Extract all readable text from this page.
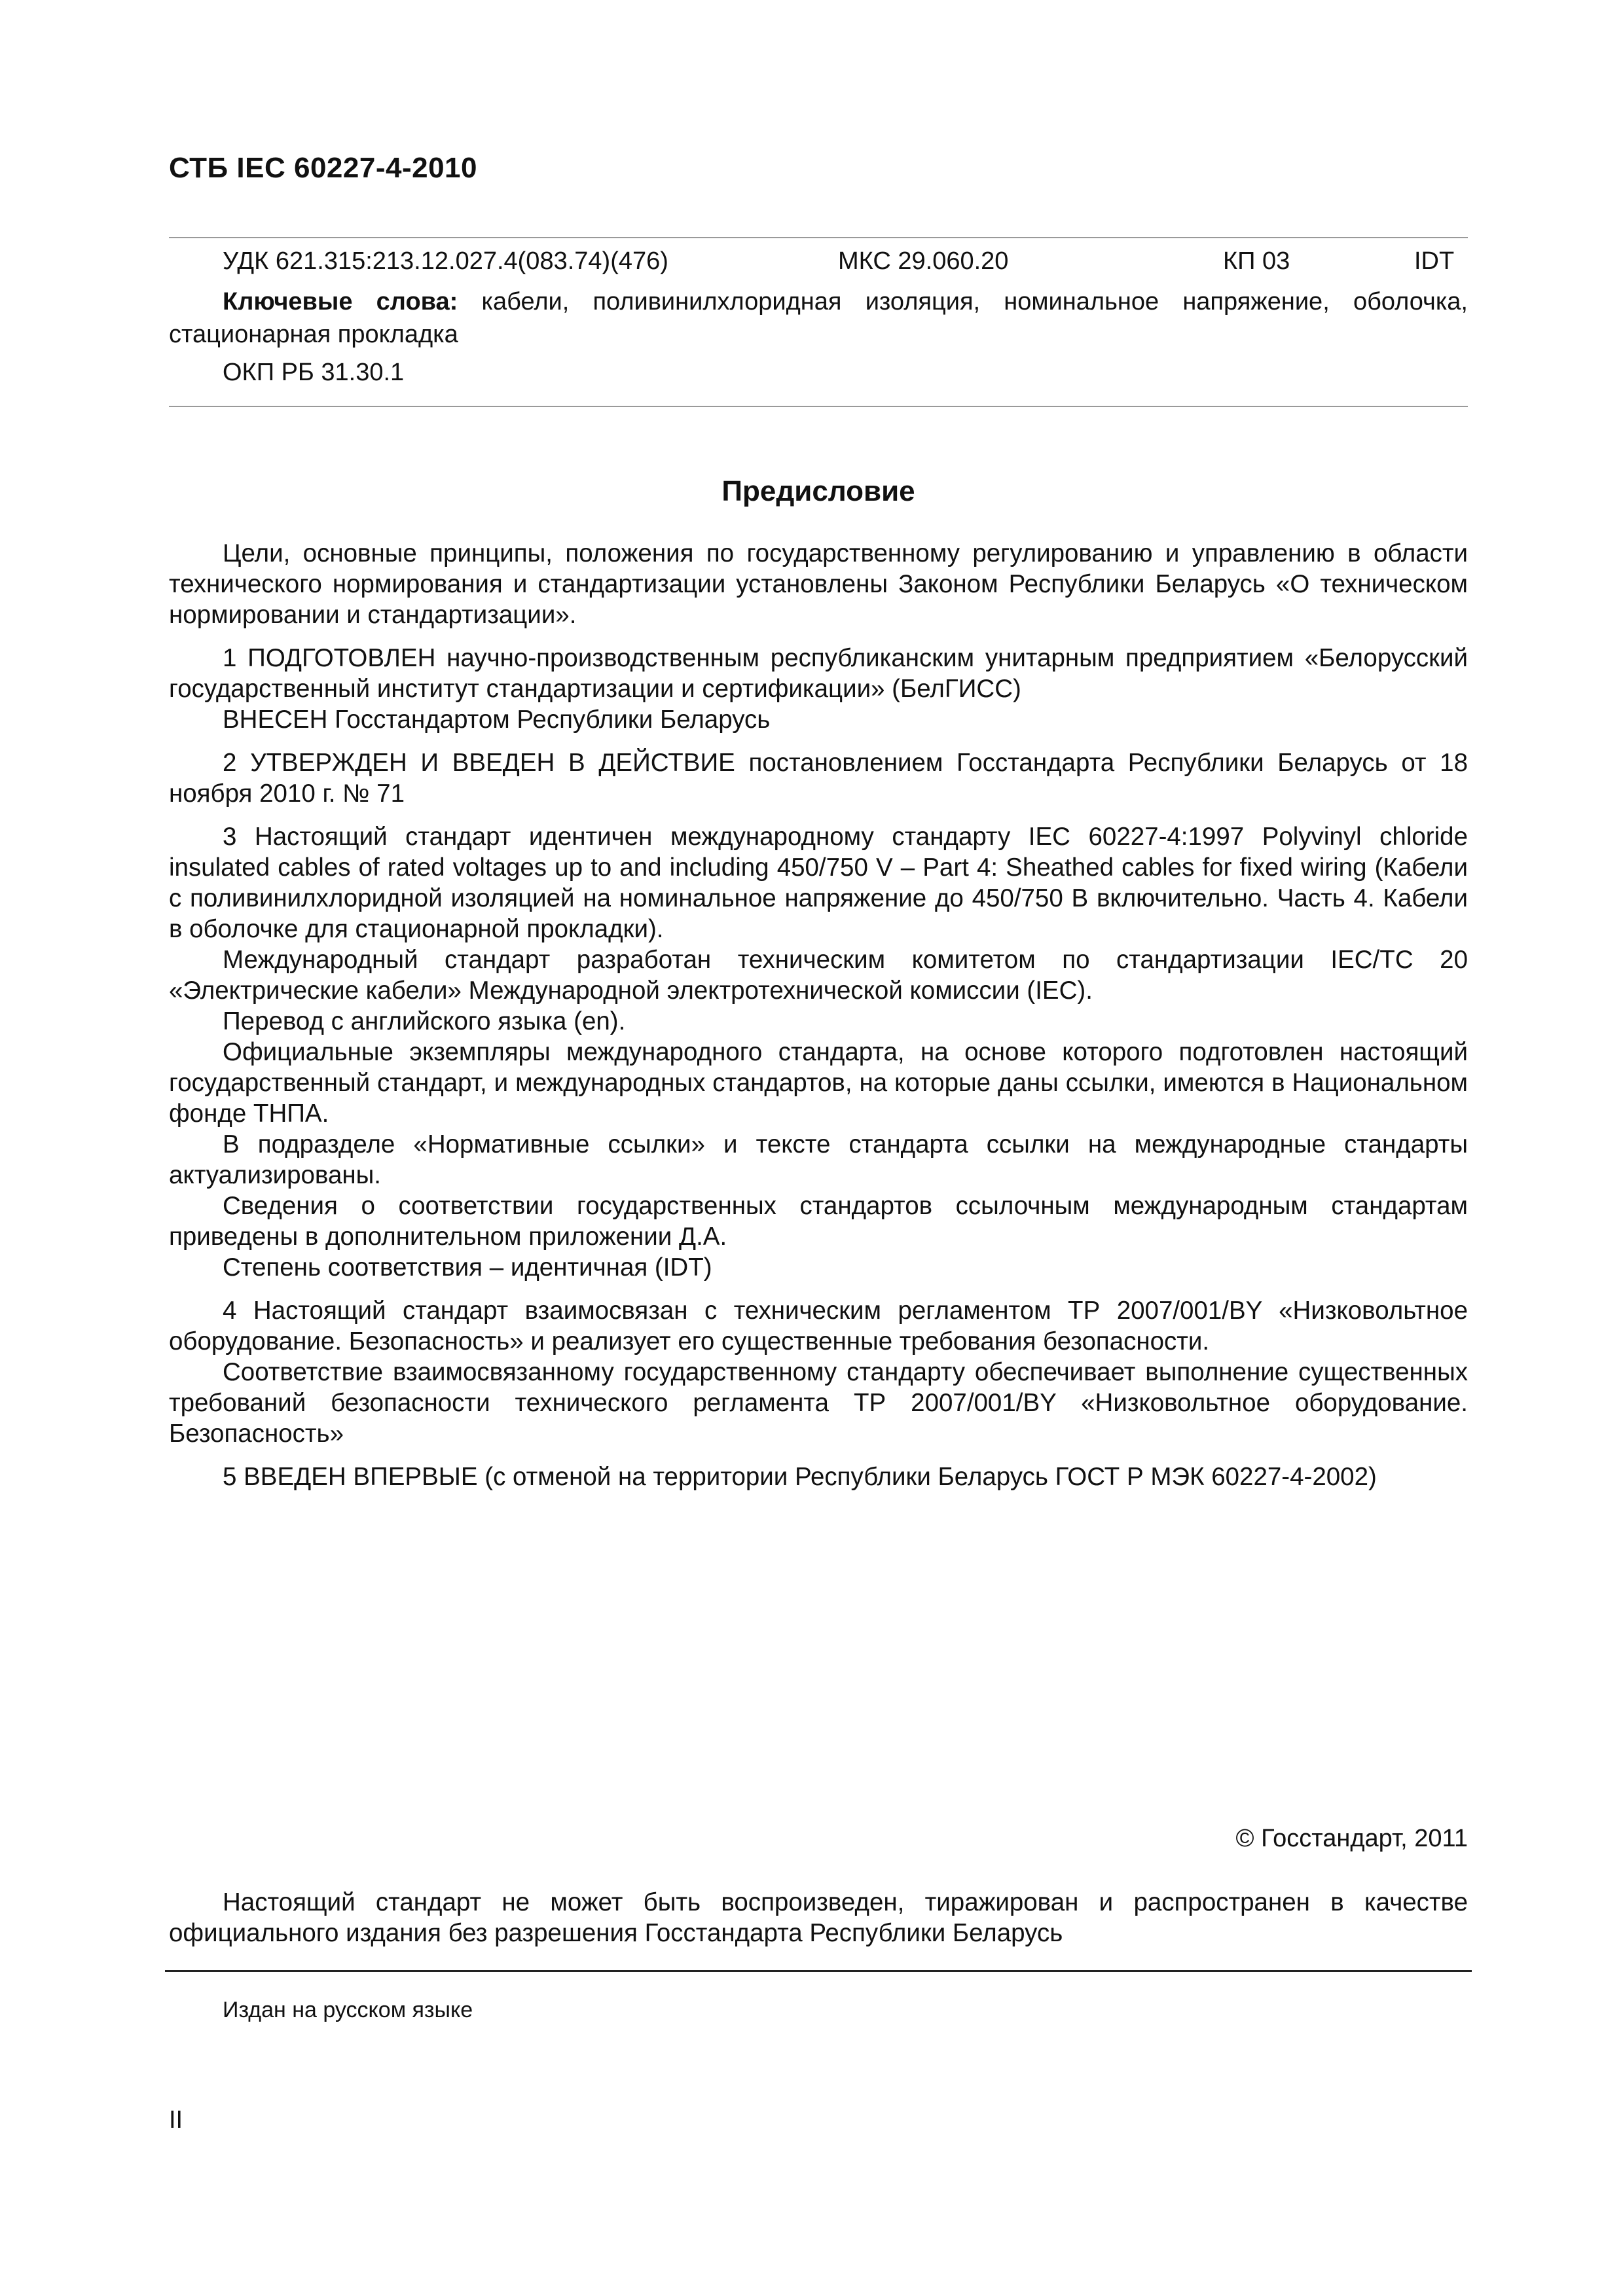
СТБ IEC 60227-4-2010
УДК 621.315:213.12.027.4(083.74)(476)	МКС 29.060.20	КП 03	IDT
Ключевые слова: кабели, поливинилхлоридная изоляция, номинальное напряжение, оболочка, стационарная прокладка
ОКП РБ 31.30.1
Предисловие

Цели, основные принципы, положения по государственному регулированию и управлению в области технического нормирования и стандартизации установлены Законом Республики Беларусь «О техническом нормировании и стандартизации».

1 ПОДГОТОВЛЕН научно-производственным республиканским унитарным предприятием «Белорусский государственный институт стандартизации и сертификации» (БелГИСС)

ВНЕСЕН Госстандартом Республики Беларусь

2 УТВЕРЖДЕН И ВВЕДЕН В ДЕЙСТВИЕ постановлением Госстандарта Республики Беларусь от 18 ноября 2010 г. № 71

3 Настоящий стандарт идентичен международному стандарту IEC 60227-4:1997 Polyvinyl chloride insulated cables of rated voltages up to and including 450/750 V – Part 4: Sheathed cables for fixed wiring (Кабели с поливинилхлоридной изоляцией на номинальное напряжение до 450/750 В включительно. Часть 4. Кабели в оболочке для стационарной прокладки).

Международный стандарт разработан техническим комитетом по стандартизации IEC/TC 20 «Электрические кабели» Международной электротехнической комиссии (IEC).

Перевод с английского языка (en).

Официальные экземпляры международного стандарта, на основе которого подготовлен настоящий государственный стандарт, и международных стандартов, на которые даны ссылки, имеются в Национальном фонде ТНПА.

В подразделе «Нормативные ссылки» и тексте стандарта ссылки на международные стандарты актуализированы.

Сведения о соответствии государственных стандартов ссылочным международным стандартам приведены в дополнительном приложении Д.А.

Степень соответствия – идентичная (IDT)

4 Настоящий стандарт взаимосвязан с техническим регламентом ТР 2007/001/BY «Низковольтное оборудование. Безопасность» и реализует его существенные требования безопасности.

Соответствие взаимосвязанному государственному стандарту обеспечивает выполнение существенных требований безопасности технического регламента ТР 2007/001/BY «Низковольтное оборудование. Безопасность»

5 ВВЕДЕН ВПЕРВЫЕ (с отменой на территории Республики Беларусь ГОСТ Р МЭК 60227-4-2002)

© Госстандарт, 2011
Настоящий стандарт не может быть воспроизведен, тиражирован и распространен в качестве официального издания без разрешения Госстандарта Республики Беларусь
Издан на русском языке
II
